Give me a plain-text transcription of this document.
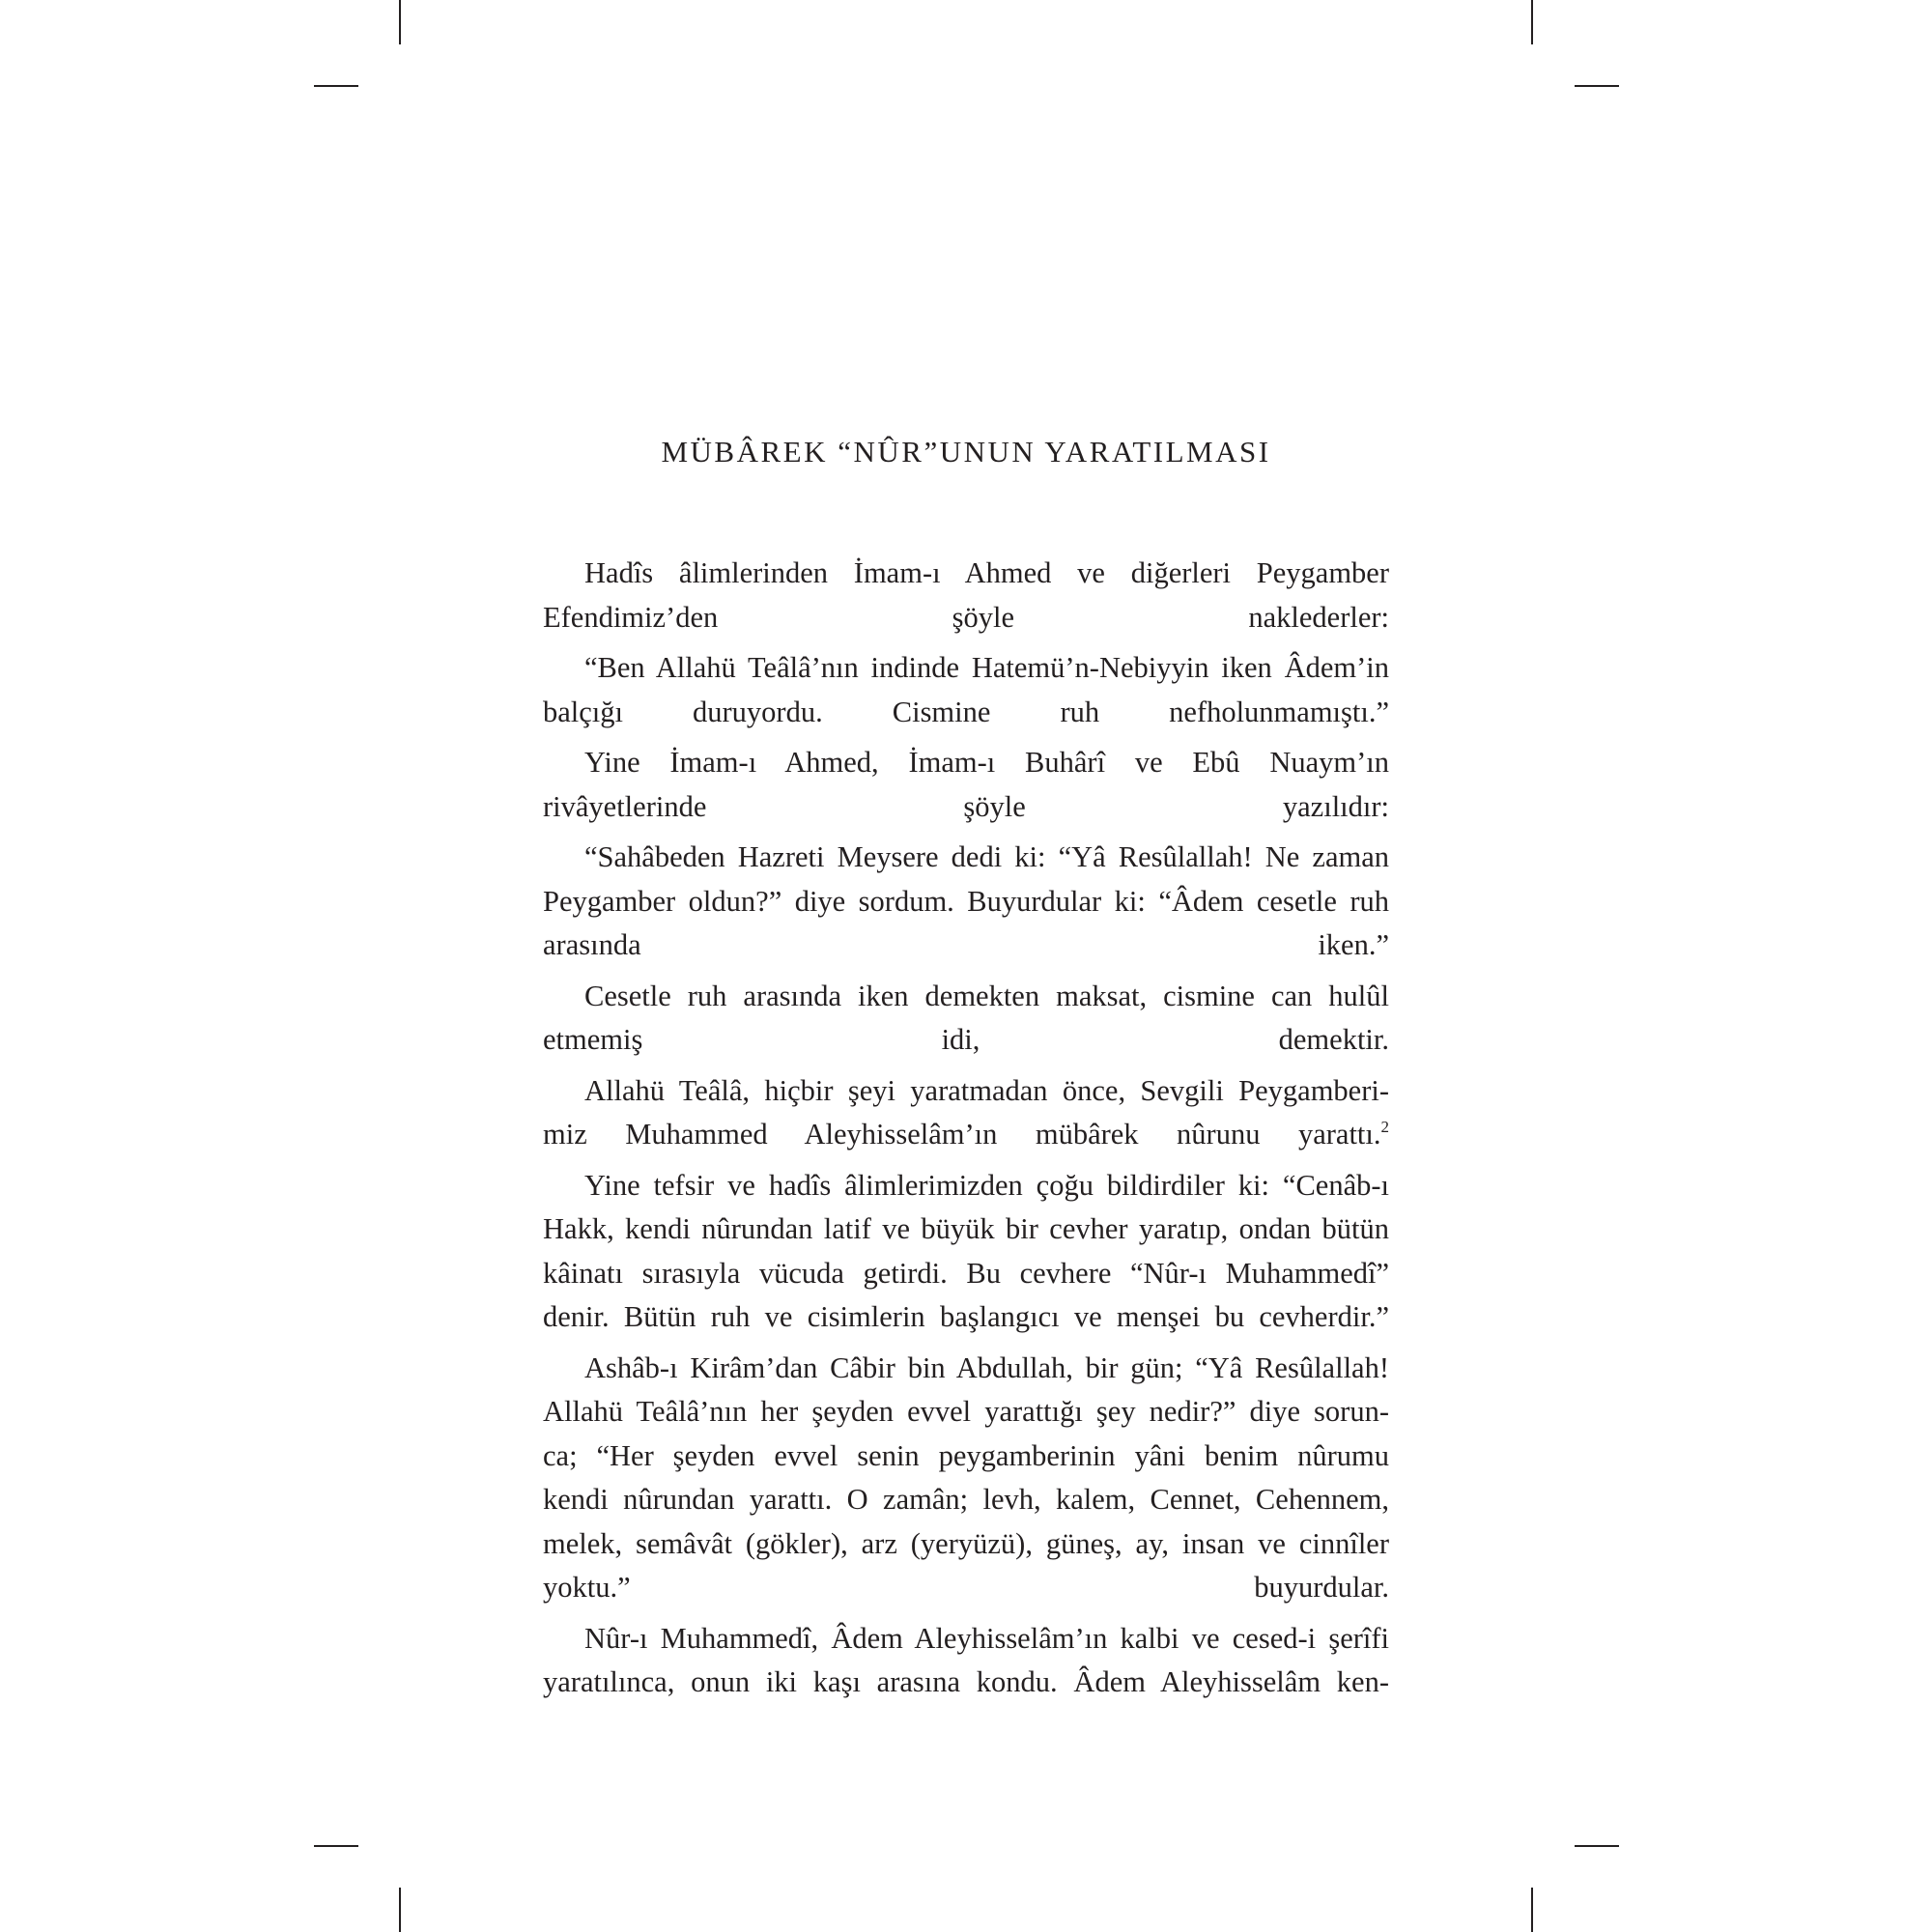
MÜBÂREK “NÛR”UNUN YARATILMASI

Hadîs âlimlerinden İmam-ı Ahmed ve diğerleri Peygamber
Efendimiz’den şöyle naklederler:

“Ben Allahü Teâlâ’nın indinde Hatemü’n-Nebiyyin iken Âdem’in
balçığı duruyordu. Cismine ruh nefholunmamıştı.”

Yine İmam-ı Ahmed, İmam-ı Buhârî ve Ebû Nuaym’ın
rivâyetlerinde şöyle yazılıdır:

“Sahâbeden Hazreti Meysere dedi ki: “Yâ Resûlallah! Ne zaman
Peygamber oldun?” diye sordum. Buyurdular ki: “Âdem cesetle ruh
arasında iken.”

Cesetle ruh arasında iken demekten maksat, cismine can hulûl
etmemiş idi, demektir.

Allahü Teâlâ, hiçbir şeyi yaratmadan önce, Sevgili Peygamberi-
miz Muhammed Aleyhisselâm’ın mübârek nûrunu yarattı.$^2$

Yine tefsir ve hadîs âlimlerimizden çoğu bildirdiler ki: “Cenâb-ı
Hakk, kendi nûrundan latif ve büyük bir cevher yaratıp, ondan bütün
kâinatı sırasıyla vücuda getirdi. Bu cevhere “Nûr-ı Muhammedî”
denir. Bütün ruh ve cisimlerin başlangıcı ve menşei bu cevherdir.”

Ashâb-ı Kirâm’dan Câbir bin Abdullah, bir gün; “Yâ Resûlallah!
Allahü Teâlâ’nın her şeyden evvel yarattığı şey nedir?” diye sorun-
ca; “Her şeyden evvel senin peygamberinin yâni benim nûrumu
kendi nûrundan yarattı. O zamân; levh, kalem, Cennet, Cehennem,
melek, semâvât (gökler), arz (yeryüzü), güneş, ay, insan ve cinnîler
yoktu.” buyurdular.

Nûr-ı Muhammedî, Âdem Aleyhisselâm’ın kalbi ve cesed-i şerîfi
yaratılınca, onun iki kaşı arasına kondu. Âdem Aleyhisselâm ken-
